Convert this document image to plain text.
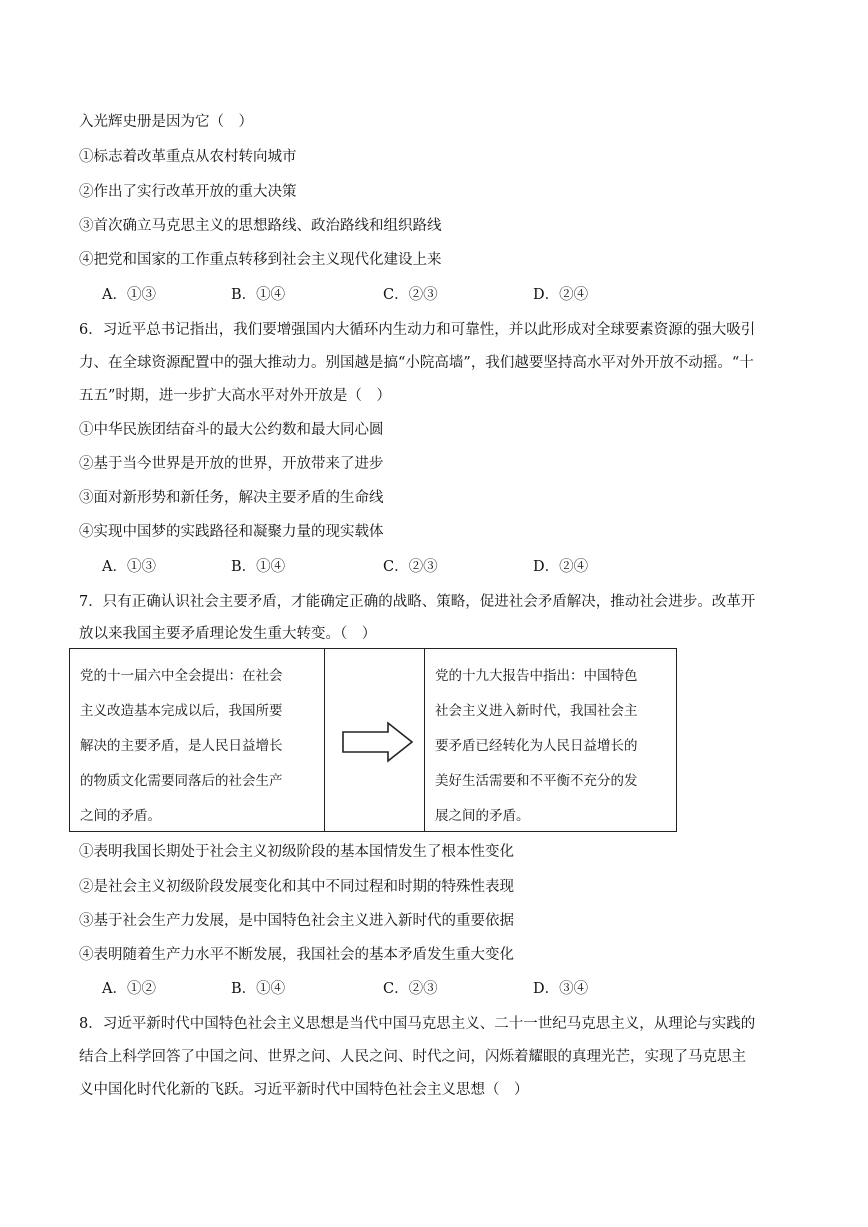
入光辉史册是因为它（　）
①标志着改革重点从农村转向城市
②作出了实行改革开放的重大决策
③首次确立马克思主义的思想路线、政治路线和组织路线
④把党和国家的工作重点转移到社会主义现代化建设上来
A．①③	B．①④	C．②③	D．②④
6．习近平总书记指出，我们要增强国内大循环内生动力和可靠性，并以此形成对全球要素资源的强大吸引
力、在全球资源配置中的强大推动力。别国越是搞“小院高墙”，我们越要坚持高水平对外开放不动摇。“十
五五”时期，进一步扩大高水平对外开放是（　）
①中华民族团结奋斗的最大公约数和最大同心圆
②基于当今世界是开放的世界，开放带来了进步
③面对新形势和新任务，解决主要矛盾的生命线
④实现中国梦的实践路径和凝聚力量的现实载体
A．①③	B．①④	C．②③	D．②④
7．只有正确认识社会主要矛盾，才能确定正确的战略、策略，促进社会矛盾解决，推动社会进步。改革开
放以来我国主要矛盾理论发生重大转变。（　）
党的十一届六中全会提出：在社会
主义改造基本完成以后，我国所要
解决的主要矛盾，是人民日益增长
的物质文化需要同落后的社会生产
之间的矛盾。
党的十九大报告中指出：中国特色
社会主义进入新时代，我国社会主
要矛盾已经转化为人民日益增长的
美好生活需要和不平衡不充分的发
展之间的矛盾。
①表明我国长期处于社会主义初级阶段的基本国情发生了根本性变化
②是社会主义初级阶段发展变化和其中不同过程和时期的特殊性表现
③基于社会生产力发展，是中国特色社会主义进入新时代的重要依据
④表明随着生产力水平不断发展，我国社会的基本矛盾发生重大变化
A．①②	B．①④	C．②③	D．③④
8．习近平新时代中国特色社会主义思想是当代中国马克思主义、二十一世纪马克思主义，从理论与实践的
结合上科学回答了中国之问、世界之问、人民之问、时代之问，闪烁着耀眼的真理光芒，实现了马克思主
义中国化时代化新的飞跃。习近平新时代中国特色社会主义思想（　）
